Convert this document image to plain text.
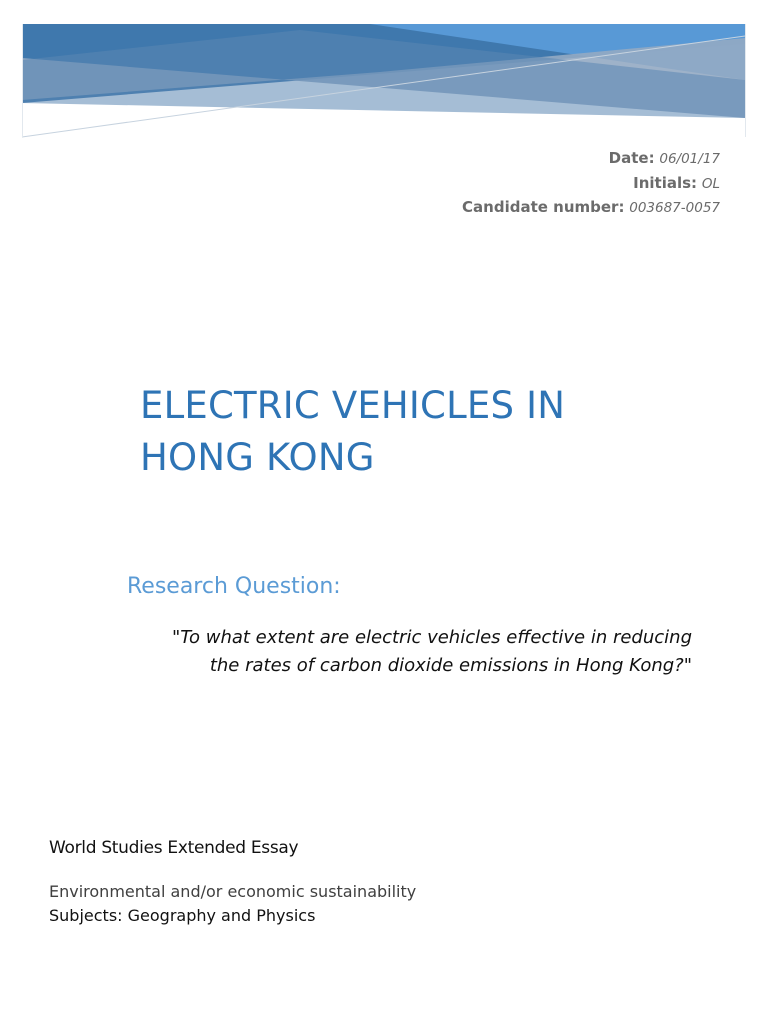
Date: 06/01/17
Initials: OL
Candidate number: 003687-0057
ELECTRIC VEHICLES IN
HONG KONG
Research Question:
"To what extent are electric vehicles effective in reducing
the rates of carbon dioxide emissions in Hong Kong?"
World Studies Extended Essay
Environmental and/or economic sustainability
Subjects: Geography and Physics
